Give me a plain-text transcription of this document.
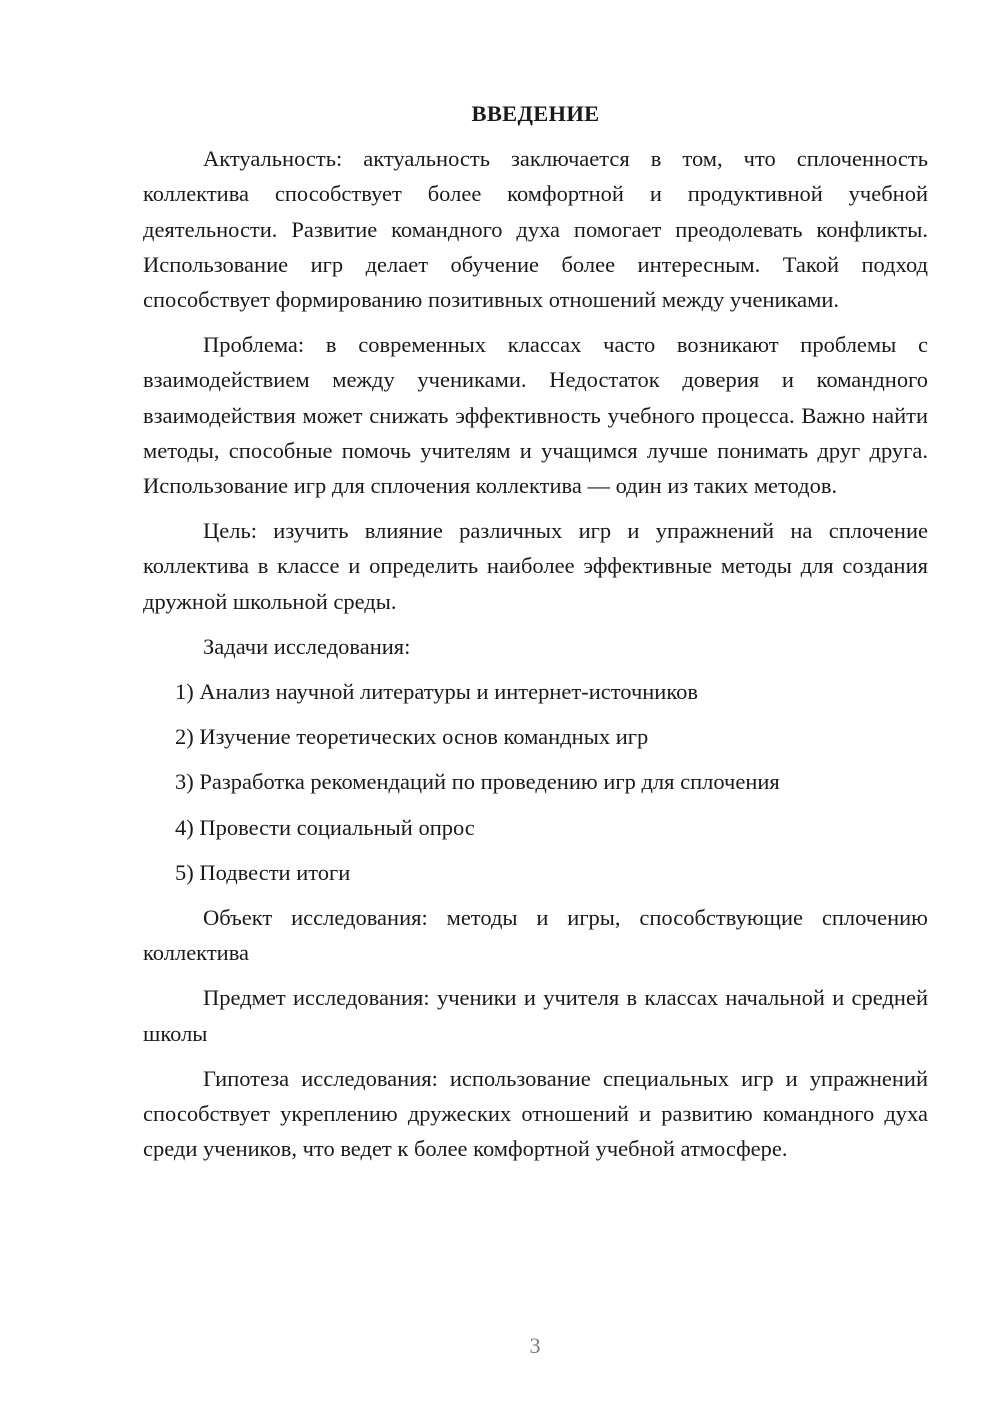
ВВЕДЕНИЕ

Актуальность: актуальность заключается в том, что сплоченность коллектива способствует более комфортной и продуктивной учебной деятельности. Развитие командного духа помогает преодолевать конфликты. Использование игр делает обучение более интересным. Такой подход способствует формированию позитивных отношений между учениками.

Проблема: в современных классах часто возникают проблемы с взаимодействием между учениками. Недостаток доверия и командного взаимодействия может снижать эффективность учебного процесса. Важно найти методы, способные помочь учителям и учащимся лучше понимать друг друга. Использование игр для сплочения коллектива — один из таких методов.

Цель: изучить влияние различных игр и упражнений на сплочение коллектива в классе и определить наиболее эффективные методы для создания дружной школьной среды.

Задачи исследования:

1) Анализ научной литературы и интернет-источников
2) Изучение теоретических основ командных игр
3) Разработка рекомендаций по проведению игр для сплочения
4) Провести социальный опрос
5) Подвести итоги

Объект исследования: методы и игры, способствующие сплочению коллектива

Предмет исследования: ученики и учителя в классах начальной и средней школы

Гипотеза исследования: использование специальных игр и упражнений способствует укреплению дружеских отношений и развитию командного духа среди учеников, что ведет к более комфортной учебной атмосфере.

3
